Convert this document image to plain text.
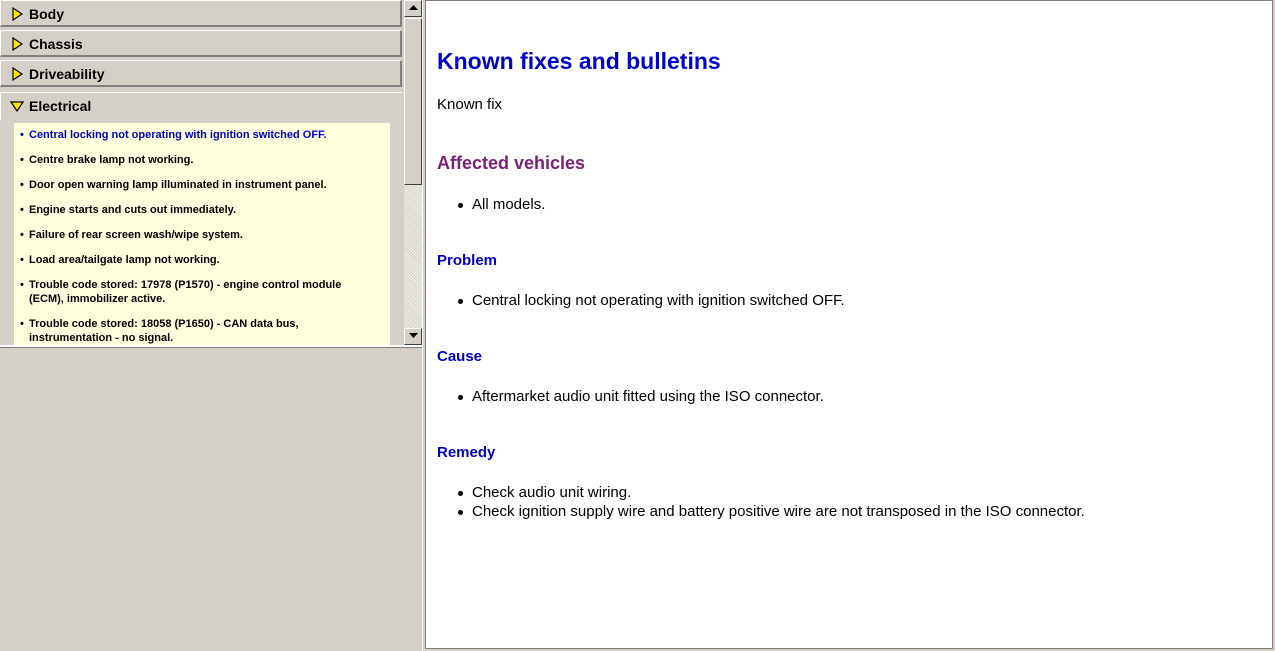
Body
Chassis
Driveability
Electrical
• Central locking not operating with ignition switched OFF.
• Centre brake lamp not working.
• Door open warning lamp illuminated in instrument panel.
• Engine starts and cuts out immediately.
• Failure of rear screen wash/wipe system.
• Load area/tailgate lamp not working.
• Trouble code stored: 17978 (P1570) - engine control module (ECM), immobilizer active.
• Trouble code stored: 18058 (P1650) - CAN data bus, instrumentation - no signal.
Known fixes and bulletins
Known fix
Affected vehicles
All models.
Problem
Central locking not operating with ignition switched OFF.
Cause
Aftermarket audio unit fitted using the ISO connector.
Remedy
Check audio unit wiring.
Check ignition supply wire and battery positive wire are not transposed in the ISO connector.
